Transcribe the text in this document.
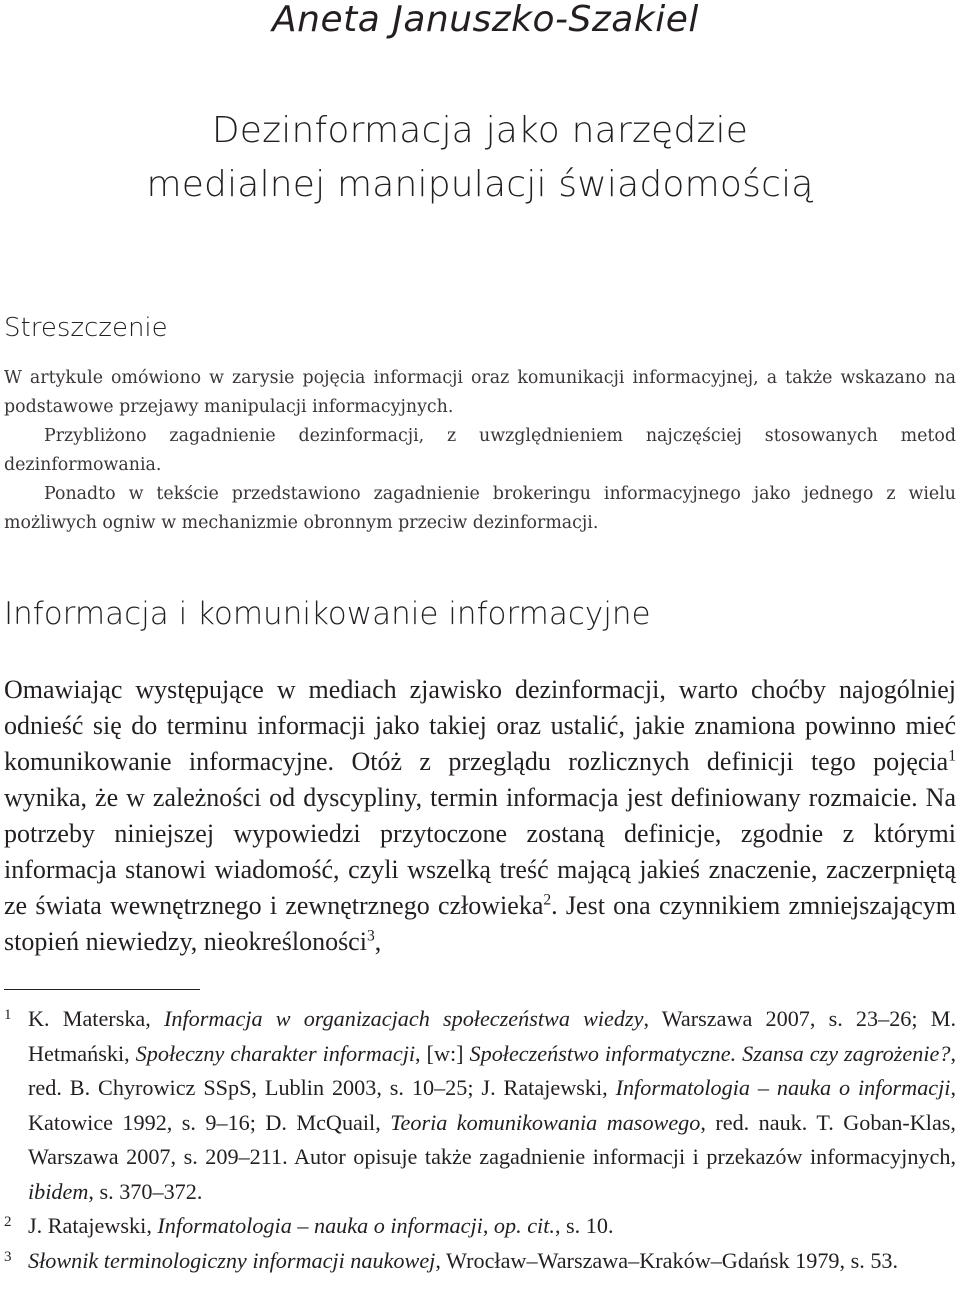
Aneta Januszko-Szakiel
Dezinformacja jako narzędzie
medialnej manipulacji świadomością
Streszczenie

W artykule omówiono w zarysie pojęcia informacji oraz komunikacji informacyjnej, a także wskazano na podstawowe przejawy manipulacji informacyjnych.

Przybliżono zagadnienie dezinformacji, z uwzględnieniem najczęściej stosowanych metod dezinformowania.

Ponadto w tekście przedstawiono zagadnienie brokeringu informacyjnego jako jednego z wielu możliwych ogniw w mechanizmie obronnym przeciw dezinformacji.

Informacja i komunikowanie informacyjne

Omawiając występujące w mediach zjawisko dezinformacji, warto choćby najogólniej odnieść się do terminu informacji jako takiej oraz ustalić, jakie znamiona powinno mieć komunikowanie informacyjne. Otóż z przeglądu rozlicznych definicji tego pojęcia$^1$ wynika, że w zależności od dyscypliny, termin informacja jest definiowany rozmaicie. Na potrzeby niniejszej wypowiedzi przytoczone zostaną definicje, zgodnie z którymi informacja stanowi wiadomość, czyli wszelką treść mającą jakieś znaczenie, zaczerpniętą ze świata wewnętrznego i zewnętrznego człowieka$^2$. Jest ona czynnikiem zmniejszającym stopień niewiedzy, nieokreśloności$^3$,

1 K. Materska, Informacja w organizacjach społeczeństwa wiedzy, Warszawa 2007, s. 23–26; M. Hetmański, Społeczny charakter informacji, [w:] Społeczeństwo informatyczne. Szansa czy zagrożenie?, red. B. Chyrowicz SSpS, Lublin 2003, s. 10–25; J. Ratajewski, Informatologia – nauka o informacji, Katowice 1992, s. 9–16; D. McQuail, Teoria komunikowania masowego, red. nauk. T. Goban-Klas, Warszawa 2007, s. 209–211. Autor opisuje także zagadnienie informacji i przekazów informacyjnych, ibidem, s. 370–372.
2 J. Ratajewski, Informatologia – nauka o informacji, op. cit., s. 10.
3 Słownik terminologiczny informacji naukowej, Wrocław–Warszawa–Kraków–Gdańsk 1979, s. 53.
